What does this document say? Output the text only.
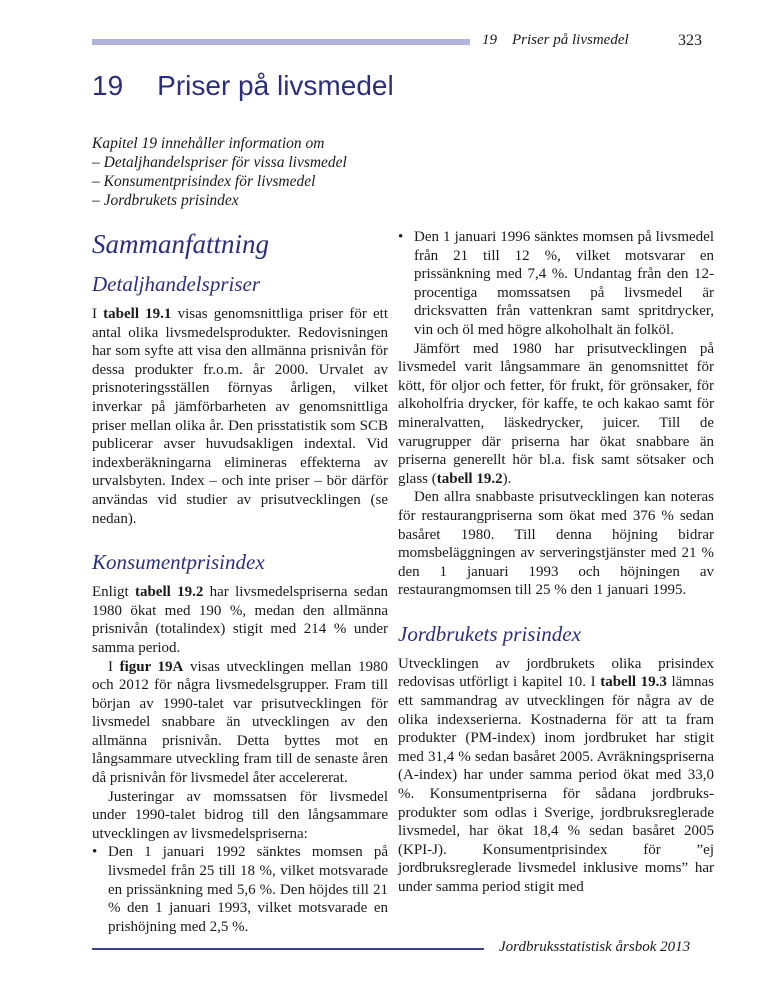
19 Priser på livsmedel	323
19 Priser på livsmedel
Kapitel 19 innehåller information om
– Detaljhandelspriser för vissa livsmedel
– Konsumentprisindex för livsmedel
– Jordbrukets prisindex
Sammanfattning
Detaljhandelspriser

I tabell 19.1 visas genomsnittliga priser för ett antal olika livsmedelsprodukter. Redovisningen har som syfte att visa den allmänna prisnivån för dessa produkter fr.o.m. år 2000. Urvalet av prisnoteringsställen förnyas årligen, vilket inverkar på jämförbarheten av genomsnittliga priser mellan olika år. Den prisstatistik som SCB publicerar avser huvudsakligen indextal. Vid indexberäkningarna elimineras effekterna av urvalsbyten. Index – och inte priser – bör därför användas vid studier av prisutvecklingen (se nedan).

Konsumentprisindex

Enligt tabell 19.2 har livsmedelspriserna sedan 1980 ökat med 190 %, medan den allmänna prisnivån (totalindex) stigit med 214 % under samma period.

I figur 19A visas utvecklingen mellan 1980 och 2012 för några livsmedelsgrupper. Fram till början av 1990-talet var prisutvecklingen för livsmedel snabbare än utvecklingen av den allmänna prisnivån. Detta byttes mot en långsammare utveckling fram till de senaste åren då prisnivån för livsmedel åter accelererat.

Justeringar av momssatsen för livsmedel under 1990-talet bidrog till den långsammare utvecklingen av livsmedelspriserna:

• Den 1 januari 1992 sänktes momsen på livsmedel från 25 till 18 %, vilket motsvarade en prissänkning med 5,6 %. Den höjdes till 21 % den 1 januari 1993, vilket motsvarade en prishöjning med 2,5 %.
• Den 1 januari 1996 sänktes momsen på livsmedel från 21 till 12 %, vilket motsvarar en prissänkning med 7,4 %. Undantag från den 12-procentiga momssatsen på livsmedel är dricksvatten från vattenkran samt spritdrycker, vin och öl med högre alkoholhalt än folköl.

Jämfört med 1980 har prisutvecklingen på livsmedel varit långsammare än genomsnittet för kött, för oljor och fetter, för frukt, för grönsaker, för alkoholfria drycker, för kaffe, te och kakao samt för mineralvatten, läskedrycker, juicer. Till de varugrupper där priserna har ökat snabbare än priserna generellt hör bl.a. fisk samt sötsaker och glass (tabell 19.2).

Den allra snabbaste prisutvecklingen kan noteras för restaurangpriserna som ökat med 376 % sedan basåret 1980. Till denna höjning bidrar momsbeläggningen av serveringstjänster med 21 % den 1 januari 1993 och höjningen av restaurangmomsen till 25 % den 1 januari 1995.

Jordbrukets prisindex

Utvecklingen av jordbrukets olika prisindex redovisas utförligt i kapitel 10. I tabell 19.3 lämnas ett sammandrag av utvecklingen för några av de olika indexserierna. Kostnaderna för att ta fram produkter (PM-index) inom jordbruket har stigit med 31,4 % sedan basåret 2005. Avräkningspriserna (A-index) har under samma period ökat med 33,0 %. Konsumentpriserna för sådana jordbruksprodukter som odlas i Sverige, jordbruksreglerade livsmedel, har ökat 18,4 % sedan basåret 2005 (KPI-J). Konsumentprisindex för ”ej jordbruksreglerade livsmedel inklusive moms” har under samma period stigit med

Jordbruksstatistisk årsbok 2013
